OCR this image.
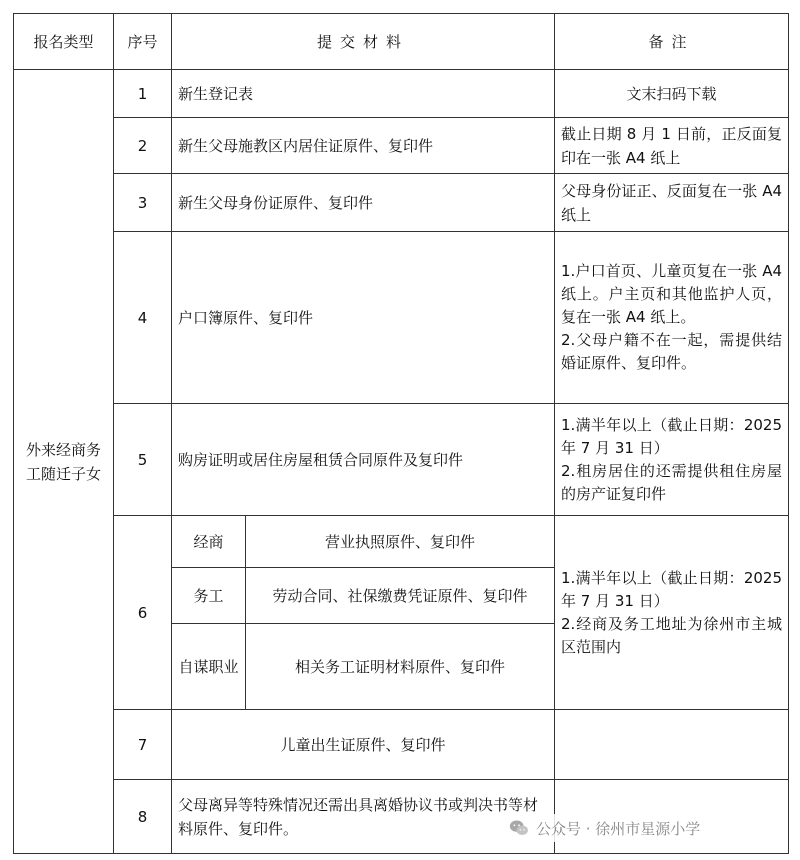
报名类型	序号	提交材料		备注
外来经商务工随迁子女	1	新生登记表		文末扫码下载
	2	新生父母施教区内居住证原件、复印件		截止日期 8 月 1 日前，正反面复印在一张 A4 纸上
	3	新生父母身份证原件、复印件		父母身份证正、反面复在一张 A4 纸上
	4	户口簿原件、复印件		1.户口首页、儿童页复在一张 A4 纸上。户主页和其他监护人页，复在一张 A4 纸上。
2.父母户籍不在一起，需提供结婚证原件、复印件。

	5	购房证明或居住房屋租赁合同原件及复印件		1.满半年以上（截止日期：2025 年 7 月 31 日）
2.租房居住的还需提供租住房屋的房产证复印件

	6	经商	营业执照原件、复印件	1.满半年以上（截止日期：2025 年 7 月 31 日）
2.经商及务工地址为徐州市主城区范围内

		务工	劳动合同、社保缴费凭证原件、复印件	
		自谋职业	相关务工证明材料原件、复印件	
	7	儿童出生证原件、复印件		
	8	父母离异等特殊情况还需出具离婚协议书或判决书等材料原件、复印件。			公众号 · 徐州市星源小学
